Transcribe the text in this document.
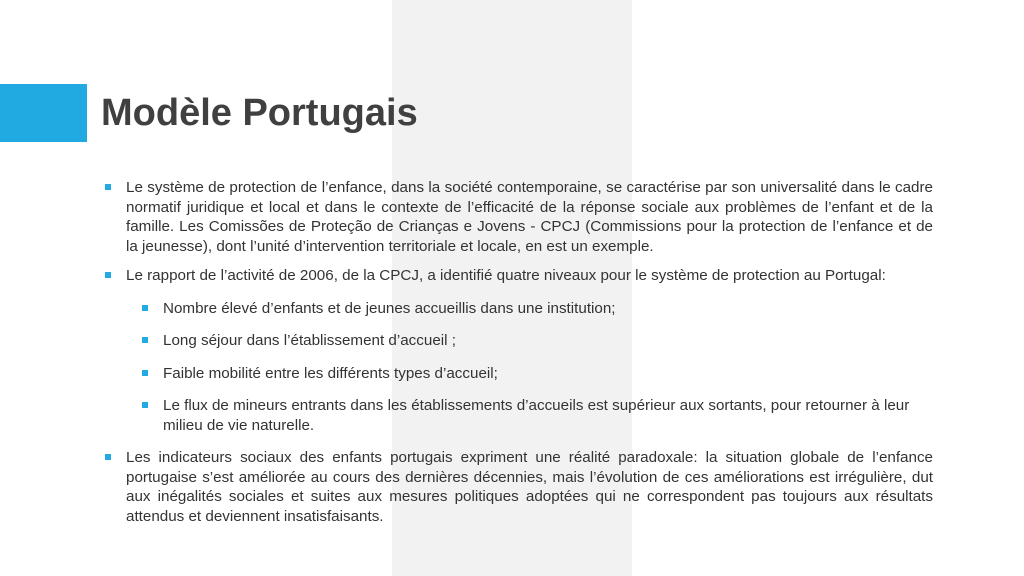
Modèle Portugais
Le système de protection de l’enfance, dans la société contemporaine, se caractérise par son universalité dans le cadre normatif juridique et local et dans le contexte de l’efficacité de la réponse sociale aux problèmes de l’enfant et de la famille. Les Comissões de Proteção de Crianças e Jovens - CPCJ (Commissions pour la protection de l’enfance et de la jeunesse), dont l’unité d’intervention territoriale et locale, en est un exemple.
Le rapport de l’activité de 2006, de la CPCJ, a identifié quatre niveaux pour le système de protection au Portugal:
Nombre élevé d’enfants et de jeunes accueillis dans une institution;
Long séjour dans l’établissement d’accueil ;
Faible mobilité entre les différents types d’accueil;
Le flux de mineurs entrants dans les établissements d’accueils est supérieur aux sortants, pour retourner à leur milieu de vie naturelle.
Les indicateurs sociaux des enfants portugais expriment une réalité paradoxale: la situation globale de l’enfance portugaise s’est améliorée au cours des dernières décennies, mais l’évolution de ces améliorations est irrégulière, dut aux inégalités sociales et suites aux mesures politiques adoptées qui ne correspondent pas toujours aux résultats attendus et deviennent insatisfaisants.
